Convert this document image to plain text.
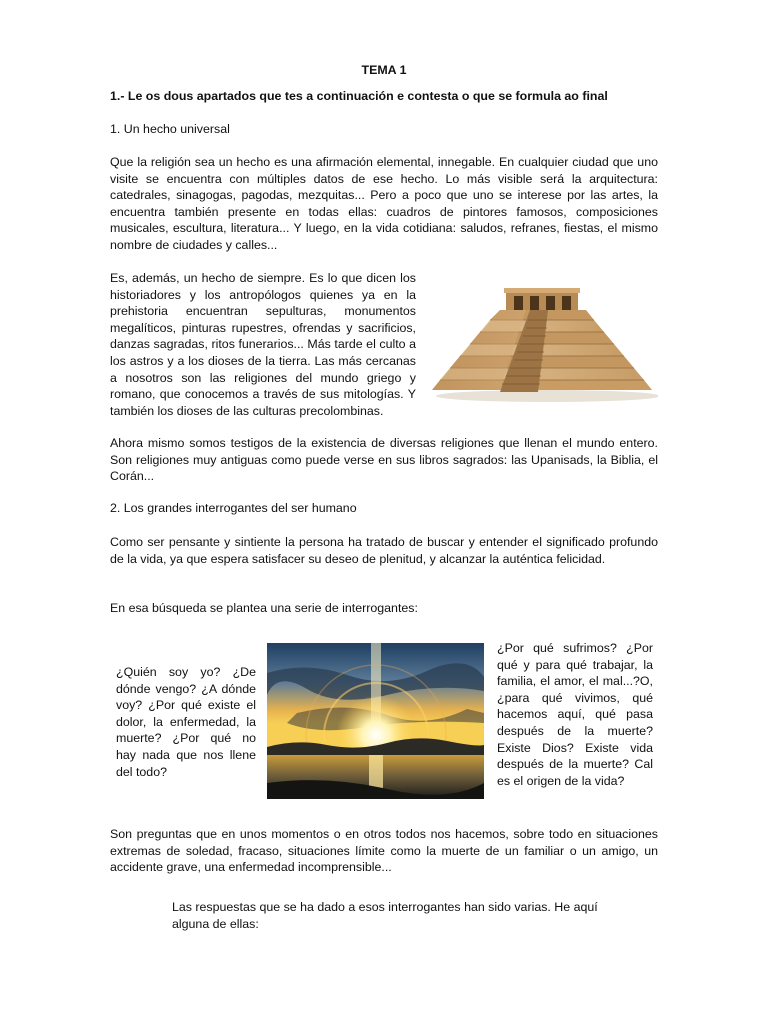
TEMA 1

1.- Le os dous apartados que tes a continuación e contesta o que se formula ao final

1. Un hecho universal

Que la religión sea un hecho es una afirmación elemental, innegable. En cualquier ciudad que uno visite se encuentra con múltiples datos de ese hecho. Lo más visible será la arquitectura: catedrales, sinagogas, pagodas, mezquitas... Pero a poco que uno se interese por las artes, la encuentra también presente en todas ellas: cuadros de pintores famosos, composiciones musicales, escultura, literatura... Y luego, en la vida cotidiana: saludos, refranes, fiestas, el mismo nombre de ciudades y calles...

Es, además, un hecho de siempre. Es lo que dicen los historiadores y los antropólogos quienes ya en la prehistoria encuentran sepulturas, monumentos megalíticos, pinturas rupestres, ofrendas y sacrificios, danzas sagradas, ritos funerarios... Más tarde el culto a los astros y a los dioses de la tierra. Las más cercanas a nosotros son las religiones del mundo griego y romano, que conocemos a través de sus mitologías. Y también los dioses de las culturas precolombinas.

Ahora mismo somos testigos de la existencia de diversas religiones que llenan el mundo entero. Son religiones muy antiguas como puede verse en sus libros sagrados: las Upanisads, la Biblia, el Corán...

2. Los grandes interrogantes del ser humano

Como ser pensante y sintiente la persona ha tratado de buscar y entender el significado profundo de la vida, ya que espera satisfacer su deseo de plenitud, y alcanzar la auténtica felicidad.

En esa búsqueda se plantea una serie de interrogantes:

¿Quién soy yo? ¿De dónde vengo? ¿A dónde voy? ¿Por qué existe el dolor, la enfermedad, la muerte? ¿Por qué no hay nada que nos llene del todo?

¿Por qué sufrimos? ¿Por qué y para qué trabajar, la familia, el amor, el mal...?O, ¿para qué vivimos, qué hacemos aquí, qué pasa después de la muerte? Existe Dios? Existe vida después de la muerte? Cal es el origen de la vida?

Son preguntas que en unos momentos o en otros todos nos hacemos, sobre todo en situaciones extremas de soledad, fracaso, situaciones límite como la muerte de un familiar o un amigo, un accidente grave, una enfermedad incomprensible...

Las respuestas que se ha dado a esos interrogantes han sido varias. He aquí alguna de ellas:
